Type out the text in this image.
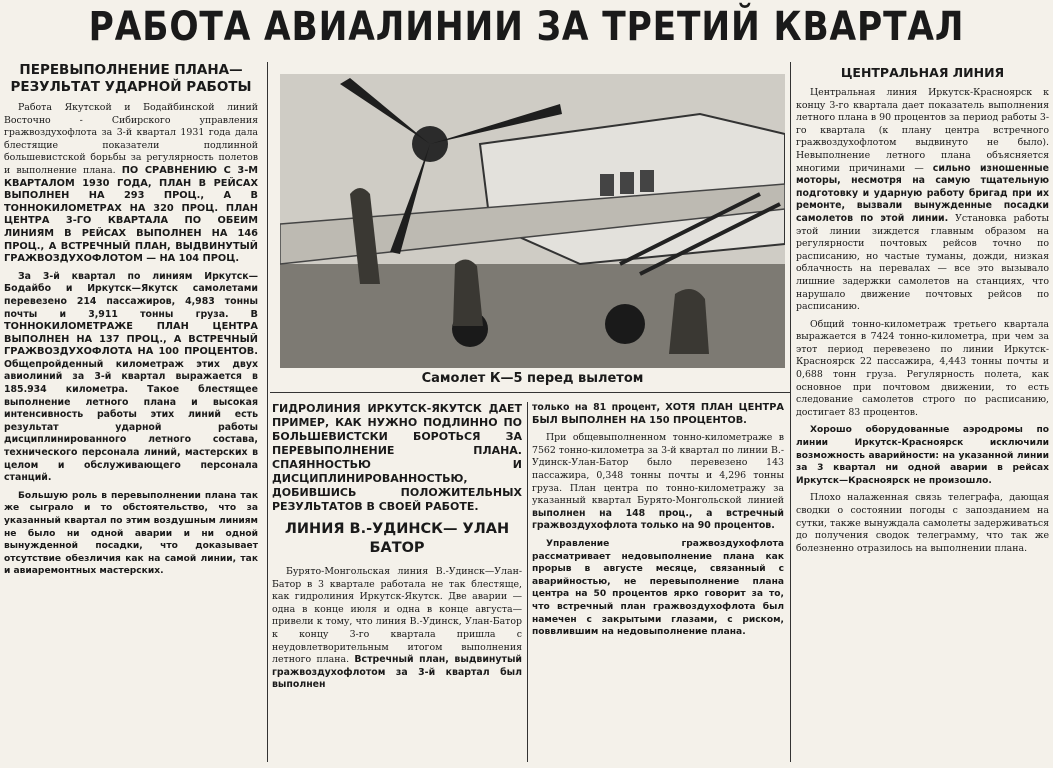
РАБОТА АВИАЛИНИИ ЗА ТРЕТИЙ КВАРТАЛ
ПЕРЕВЫПОЛНЕНИЕ ПЛАНА— РЕЗУЛЬТАТ УДАРНОЙ РАБОТЫ
Работа Якутской и Бодайбинской линий Восточно - Сибирского управления гражвоздухофлота за 3-й квартал 1931 года дала блестящие показатели подлинной большевистской борьбы за регулярность полетов и выполнение плана. ПО СРАВНЕНИЮ С 3-М КВАРТАЛОМ 1930 ГОДА, ПЛАН В РЕЙСАХ ВЫПОЛНЕН НА 293 ПРОЦ., А В ТОННОКИЛОМЕТРАХ НА 320 ПРОЦ. ПЛАН ЦЕНТРА 3-ГО КВАРТАЛА ПО ОБЕИМ ЛИНИЯМ В РЕЙСАХ ВЫПОЛНЕН НА 146 ПРОЦ., А ВСТРЕЧНЫЙ ПЛАН, ВЫДВИНУТЫЙ ГРАЖВОЗДУХОФЛОТОМ — НА 104 ПРОЦ.
За 3-й квартал по линиям Иркутск—Бодайбо и Иркутск—Якутск самолетами перевезено 214 пассажиров, 4,983 тонны почты и 3,911 тонны груза. В ТОННОКИЛОМЕТРАЖЕ ПЛАН ЦЕНТРА ВЫПОЛНЕН НА 137 ПРОЦ., А ВСТРЕЧНЫЙ ГРАЖВОЗДУХОФЛОТА НА 100 ПРОЦЕНТОВ. Общепройденный километраж этих двух авиолиний за 3-й квартал выражается в 185.934 километра. Такое блестящее выполнение летного плана и высокая интенсивность работы этих линий есть результат ударной работы дисциплинированного летного состава, технического персонала линий, мастерских в целом и обслуживающего персонала станций.
Большую роль в перевыполнении плана так же сыграло и то обстоятельство, что за указанный квартал по этим воздушным линиям не было ни одной аварии и ни одной вынужденной посадки, что доказывает отсутствие обезличия как на самой линии, так и авиаремонтных мастерских.
Самолет К—5 перед вылетом
ГИДРОЛИНИЯ ИРКУТСК-ЯКУТСК ДАЕТ ПРИМЕР, КАК НУЖНО ПОДЛИННО ПО БОЛЬШЕВИСТСКИ БОРОТЬСЯ ЗА ПЕРЕВЫПОЛНЕНИЕ ПЛАНА. СПАЯННОСТЬЮ И ДИСЦИПЛИНИРОВАННОСТЬЮ, ДОБИВШИСЬ ПОЛОЖИТЕЛЬНЫХ РЕЗУЛЬТАТОВ В СВОЕЙ РАБОТЕ.
ЛИНИЯ В.-УДИНСК— УЛАН БАТОР
Бурято-Монгольская линия В.-Удинск—Улан-Батор в 3 квартале работала не так блестяще, как гидролиния Иркутск-Якутск. Две аварии — одна в конце июля и одна в конце августа—привели к тому, что линия В.-Удинск, Улан-Батор к концу 3-го квартала пришла с неудовлетворительным итогом выполнения летного плана. Встречный план, выдвинутый гражвоздухофлотом за 3-й квартал был выполнен
только на 81 процент, ХОТЯ ПЛАН ЦЕНТРА БЫЛ ВЫПОЛНЕН НА 150 ПРОЦЕНТОВ.
При общевыполненном тонно-километраже в 7562 тонно-километра за 3-й квартал по линии В.-Удинск-Улан-Батор было перевезено 143 пассажира, 0,348 тонны почты и 4,296 тонны груза. План центра по тонно-километражу за указанный квартал Бурято-Монгольской линией выполнен на 148 проц., а встречный гражвоздухофлота только на 90 процентов.
Управление гражвоздухофлота рассматривает недовыполнение плана как прорыв в августе месяце, связанный с аварийностью, не перевыполнение плана центра на 50 процентов ярко говорит за то, что встречный план гражвоздухофлота был намечен с закрытыми глазами, с риском, поввлившим на недовыполнение плана.
ЦЕНТРАЛЬНАЯ ЛИНИЯ
Центральная линия Иркутск-Красноярск к концу 3-го квартала дает показатель выполнения летного плана в 90 процентов за период работы 3-го квартала (к плану центра встречного гражвоздухофлотом выдвинуто не было). Невыполнение летного плана объясняется многими причинами — сильно изношенные моторы, несмотря на самую тщательную подготовку и ударную работу бригад при их ремонте, вызвали вынужденные посадки самолетов по этой линии. Установка работы этой линии зиждется главным образом на регулярности почтовых рейсов точно по расписанию, но частые туманы, дожди, низкая облачность на перевалах — все это вызывало лишние задержки самолетов на станциях, что нарушало движение почтовых рейсов по расписанию.
Общий тонно-километраж третьего квартала выражается в 7424 тонно-километра, при чем за этот период перевезено по линии Иркутск-Красноярск 22 пассажира, 4,443 тонны почты и 0,688 тонн груза. Регулярность полета, как основное при почтовом движении, то есть следование самолетов строго по расписанию, достигает 83 процентов.
Хорошо оборудованные аэродромы по линии Иркутск-Красноярск исключили возможность аварийности: на указанной линии за 3 квартал ни одной аварии в рейсах Иркутск—Красноярск не произошло.
Плохо налаженная связь телеграфа, дающая сводки о состоянии погоды с запозданием на сутки, также вынуждала самолеты задерживаться до получения сводок телеграмму, что так же болезненно отразилось на выполнении плана.
